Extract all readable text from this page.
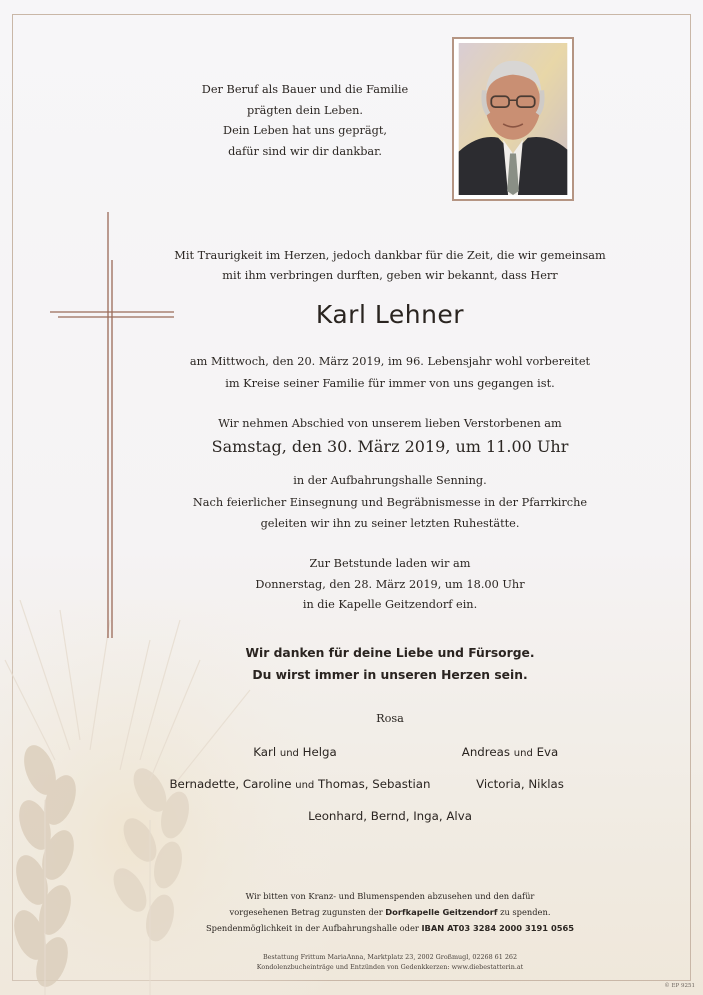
Der Beruf als Bauer und die Familie
prägten dein Leben.
Dein Leben hat uns geprägt,
dafür sind wir dir dankbar.
Mit Traurigkeit im Herzen, jedoch dankbar für die Zeit, die wir gemeinsam
mit ihm verbringen durften, geben wir bekannt, dass Herr
Karl Lehner
am Mittwoch, den 20. März 2019, im 96. Lebensjahr wohl vorbereitet
im Kreise seiner Familie für immer von uns gegangen ist.
Wir nehmen Abschied von unserem lieben Verstorbenen am
Samstag, den 30. März 2019, um 11.00 Uhr
in der Aufbahrungshalle Senning.
Nach feierlicher Einsegnung und Begräbnismesse in der Pfarrkirche
geleiten wir ihn zu seiner letzten Ruhestätte.
Zur Betstunde laden wir am
Donnerstag, den 28. März 2019, um 18.00 Uhr
in die Kapelle Geitzendorf ein.
Wir danken für deine Liebe und Fürsorge.
Du wirst immer in unseren Herzen sein.
Rosa
Karl und Helga	Andreas und Eva
Bernadette, Caroline und Thomas, Sebastian	Victoria, Niklas
Leonhard, Bernd, Inga, Alva
Wir bitten von Kranz- und Blumenspenden abzusehen und den dafür
vorgesehenen Betrag zugunsten der Dorfkapelle Geitzendorf zu spenden.
Spendenmöglichkeit in der Aufbahrungshalle oder IBAN AT03 3284 2000 3191 0565
Bestattung Frittum MariaAnna, Marktplatz 23, 2002 Großmugl, 02268 61 262
Kondolenzbucheinträge und Entzünden von Gedenkkerzen: www.diebestatterin.at
© EP 9251
